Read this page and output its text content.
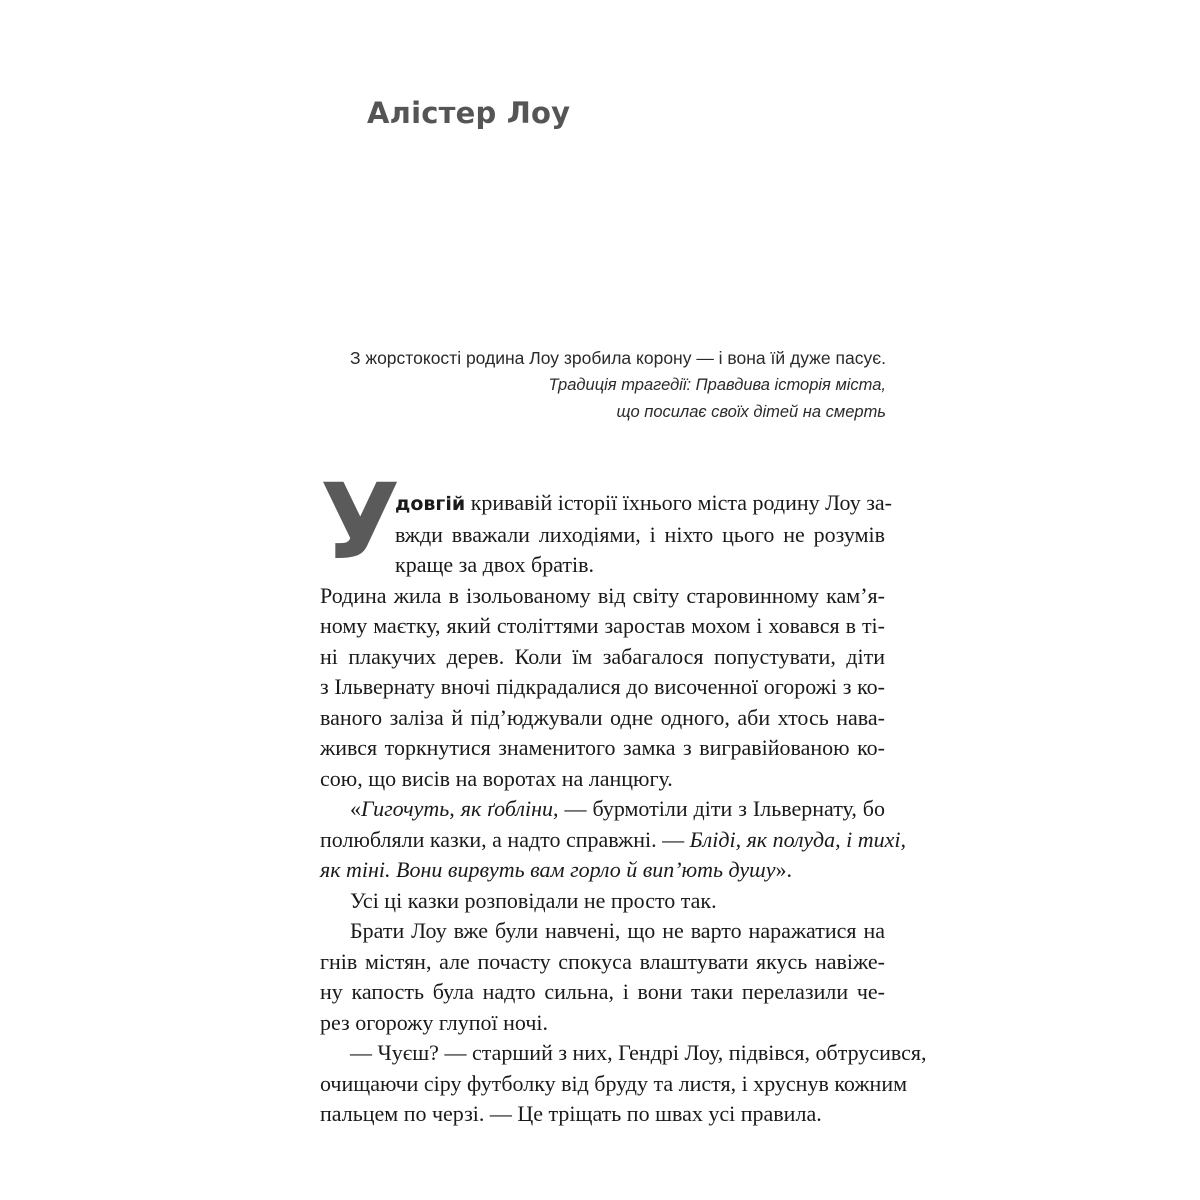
Алістер Лоу
З жорстокості родина Лоу зробила корону — і вона їй дуже пасує.
Традиція трагедії: Правдива історія міста,
що посилає своїх дітей на смерть
У
довгій кривавій історії їхнього міста родину Лоу за-
вжди вважали лиходіями, і ніхто цього не розумів
краще за двох братів.
Родина жила в ізольованому від світу старовинному кам’я-
ному маєтку, який століттями заростав мохом і ховався в ті-
ні плакучих дерев. Коли їм забагалося попустувати, діти
з Ільвернату вночі підкрадалися до височенної огорожі з ко-
ваного заліза й під’юджували одне одного, аби хтось нава-
жився торкнутися знаменитого замка з вигравійованою ко-
сою, що висів на воротах на ланцюгу.
«Гигочуть, як ґобліни, — бурмотіли діти з Ільвернату, бо
полюбляли казки, а надто справжні. — Бліді, як полуда, і тихі,
як тіні. Вони вирвуть вам горло й вип’ють душу».
Усі ці казки розповідали не просто так.
Брати Лоу вже були навчені, що не варто наражатися на
гнів містян, але почасту спокуса влаштувати якусь навіже-
ну капость була надто сильна, і вони таки перелазили че-
рез огорожу глупої ночі.
— Чуєш? — старший з них, Гендрі Лоу, підвівся, обтрусився,
очищаючи сіру футболку від бруду та листя, і хруснув кожним
пальцем по черзі. — Це тріщать по швах усі правила.
